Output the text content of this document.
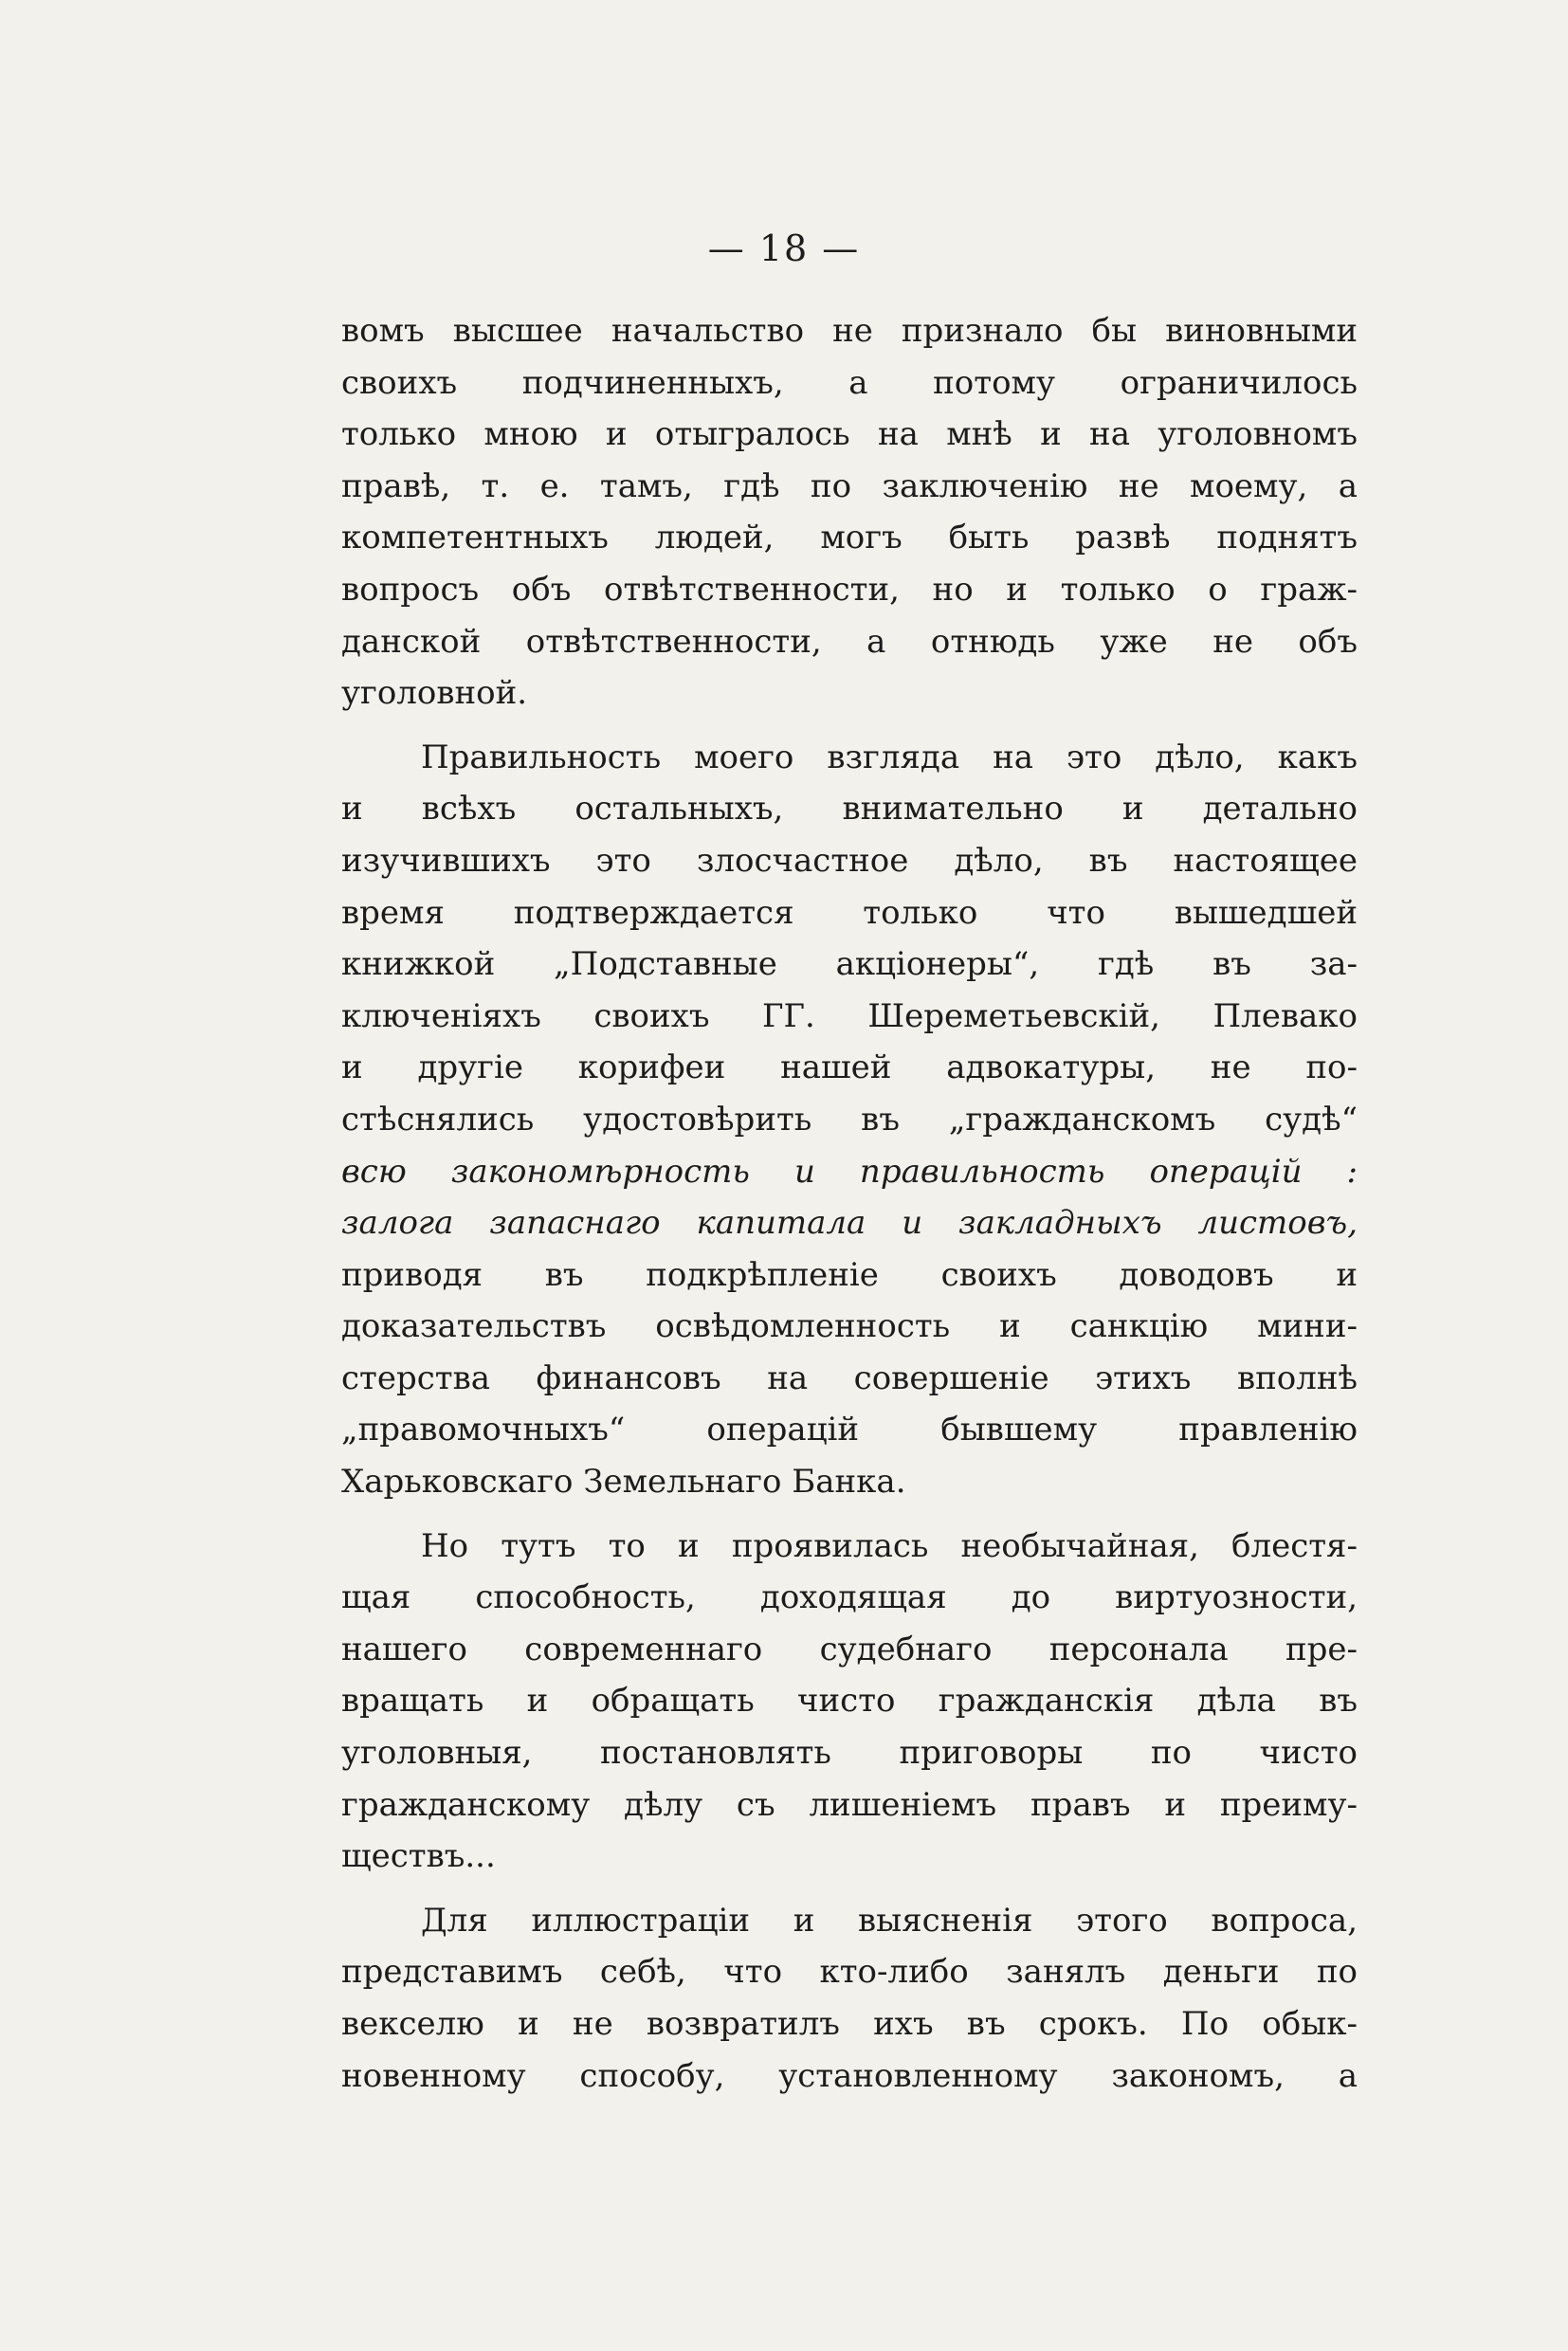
— 18 —
вомъ высшее начальство не признало бы виновными
своихъ подчиненныхъ, а потому ограничилось
только мною и отыгралось на мнѣ и на уголовномъ
правѣ, т. е. тамъ, гдѣ по заключенію не моему, а
компетентныхъ людей, могъ быть развѣ поднятъ
вопросъ объ отвѣтственности, но и только о граж-
данской отвѣтственности, а отнюдь уже не объ
уголовной.
Правильность моего взгляда на это дѣло, какъ
и всѣхъ остальныхъ, внимательно и детально
изучившихъ это злосчастное дѣло, въ настоящее
время подтверждается только что вышедшей
книжкой „Подставные акціонеры“, гдѣ въ за-
ключеніяхъ своихъ ГГ. Шереметьевскій, Плевако
и другіе корифеи нашей адвокатуры, не по-
стѣснялись удостовѣрить въ „гражданскомъ судѣ“
всю закономѣрность и правильность операцій :
залога запаснаго капитала и закладныхъ листовъ,
приводя въ подкрѣпленіе своихъ доводовъ и
доказательствъ освѣдомленность и санкцію мини-
стерства финансовъ на совершеніе этихъ вполнѣ
„правомочныхъ“ операцій бывшему правленію
Харьковскаго Земельнаго Банка.
Но тутъ то и проявилась необычайная, блестя-
щая способность, доходящая до виртуозности,
нашего современнаго судебнаго персонала пре-
вращать и обращать чисто гражданскія дѣла въ
уголовныя, постановлять приговоры по чисто
гражданскому дѣлу съ лишеніемъ правъ и преиму-
ществъ...
Для иллюстраціи и выясненія этого вопроса,
представимъ себѣ, что кто-либо занялъ деньги по
векселю и не возвратилъ ихъ въ срокъ. По обык-
новенному способу, установленному закономъ, а
